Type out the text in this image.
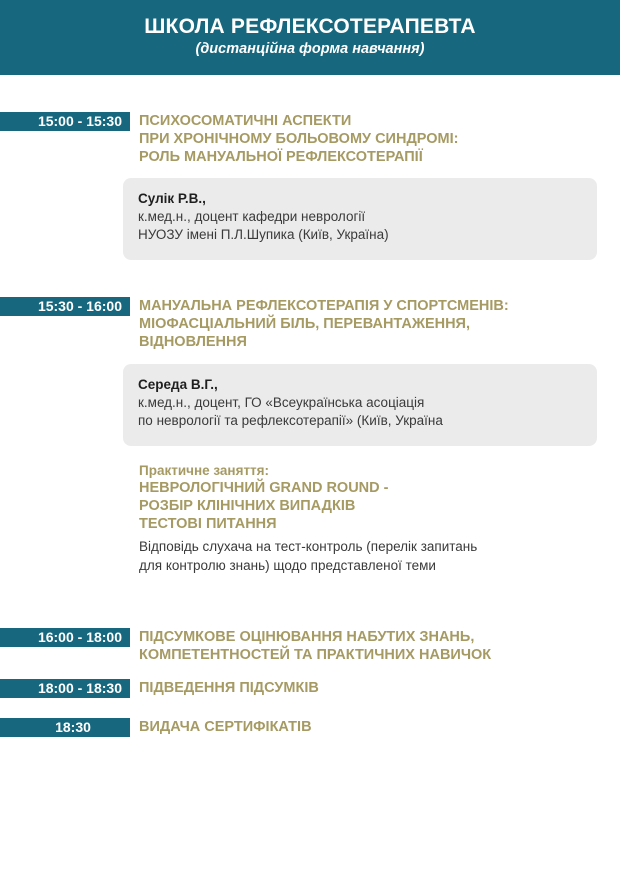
ШКОЛА РЕФЛЕКСОТЕРАПЕВТА
(дистанційна форма навчання)
15:00 - 15:30	ПСИХОСОМАТИЧНІ АСПЕКТИ
ПРИ ХРОНІЧНОМУ БОЛЬОВОМУ СИНДРОМІ:
РОЛЬ МАНУАЛЬНОЇ РЕФЛЕКСОТЕРАПІЇ
Сулік Р.В.,
к.мед.н., доцент кафедри неврології
НУОЗУ імені П.Л.Шупика (Київ, Україна)
15:30 - 16:00	МАНУАЛЬНА РЕФЛЕКСОТЕРАПІЯ У СПОРТСМЕНІВ:
МІОФАСЦІАЛЬНИЙ БІЛЬ, ПЕРЕВАНТАЖЕННЯ,
ВІДНОВЛЕННЯ
Середа В.Г.,
к.мед.н., доцент, ГО «Всеукраїнська асоціація
по неврології та рефлексотерапії» (Київ, Україна
Практичне заняття:
НЕВРОЛОГІЧНИЙ GRAND ROUND -
РОЗБІР КЛІНІЧНИХ ВИПАДКІВ
ТЕСТОВІ ПИТАННЯ
Відповідь слухача на тест-контроль (перелік запитань
для контролю знань) щодо представленої теми
16:00 - 18:00	ПІДСУМКОВЕ ОЦІНЮВАННЯ НАБУТИХ ЗНАНЬ,
КОМПЕТЕНТНОСТЕЙ ТА ПРАКТИЧНИХ НАВИЧОК
18:00 - 18:30	ПІДВЕДЕННЯ ПІДСУМКІВ
18:30	ВИДАЧА СЕРТИФІКАТІВ
